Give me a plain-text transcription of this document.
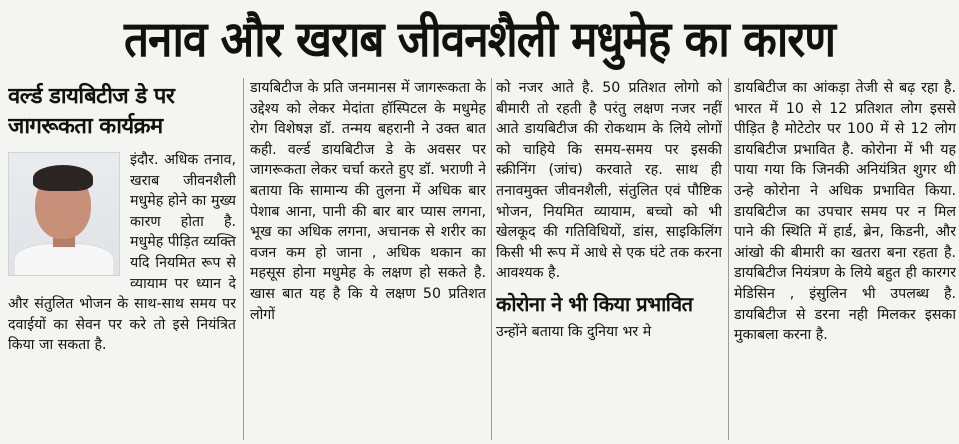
तनाव और खराब जीवनशैली मधुमेह का कारण
वर्ल्ड डायबिटीज डे पर
जागरूकता कार्यक्रम

इंदौर. अधिक तनाव, खराब जीवनशैली मधुमेह होने का मुख्य कारण होता है. मधुमेह पीड़ित व्यक्ति

यदि नियमित रूप से व्यायाम पर ध्यान दे और संतुलित भोजन के साथ-साथ समय पर दवाईयों का सेवन पर करे तो इसे नियंत्रित किया जा सकता है.

डायबिटीज के प्रति जनमानस में जागरूकता के उद्देश्य को लेकर मेदांता हॉस्पिटल के मधुमेह रोग विशेषज्ञ डॉ. तन्मय बहरानी ने उक्त बात कही. वर्ल्ड डायबिटीज डे के अवसर पर जागरूकता लेकर चर्चा करते हुए डॉ. भराणी ने बताया कि सामान्य की तुलना में अधिक बार पेशाब आना, पानी की बार बार प्यास लगना, भूख का अधिक लगना, अचानक से शरीर का वजन कम हो जाना , अधिक थकान का महसूस होना मधुमेह के लक्षण हो सकते है. खास बात यह है कि ये लक्षण 50 प्रतिशत लोगों

को नजर आते है. 50 प्रतिशत लोगो को बीमारी तो रहती है परंतु लक्षण नजर नहीं आते डायबिटीज की रोकथाम के लिये लोगों को चाहिये कि समय-समय पर इसकी स्क्रीनिंग (जांच) करवाते रह. साथ ही तनावमुक्त जीवनशैली, संतुलित एवं पौष्टिक भोजन, नियमित व्यायाम, बच्चो को भी खेलकूद की गतिविधियों, डांस, साइकिलिंग किसी भी रूप में आधे से एक घंटे तक करना आवश्यक है.

कोरोना ने भी किया प्रभावित

उन्होंने बताया कि दुनिया भर मे

डायबिटीज का आंकड़ा तेजी से बढ़ रहा है. भारत में 10 से 12 प्रतिशत लोग इससे पीड़ित है मोटेटोर पर 100 में से 12 लोग डायबिटीज प्रभावित है. कोरोना में भी यह पाया गया कि जिनकी अनियंत्रित शुगर थी उन्हे कोरोना ने अधिक प्रभावित किया. डायबिटीज का उपचार समय पर न मिल पाने की स्थिति में हार्ड, ब्रेन, किडनी, और आंखो की बीमारी का खतरा बना रहता है. डायबिटीज नियंत्रण के लिये बहुत ही कारगर मेडिसिन , इंसुलिन भी उपलब्ध है. डायबिटीज से डरना नही मिलकर इसका मुकाबला करना है.
